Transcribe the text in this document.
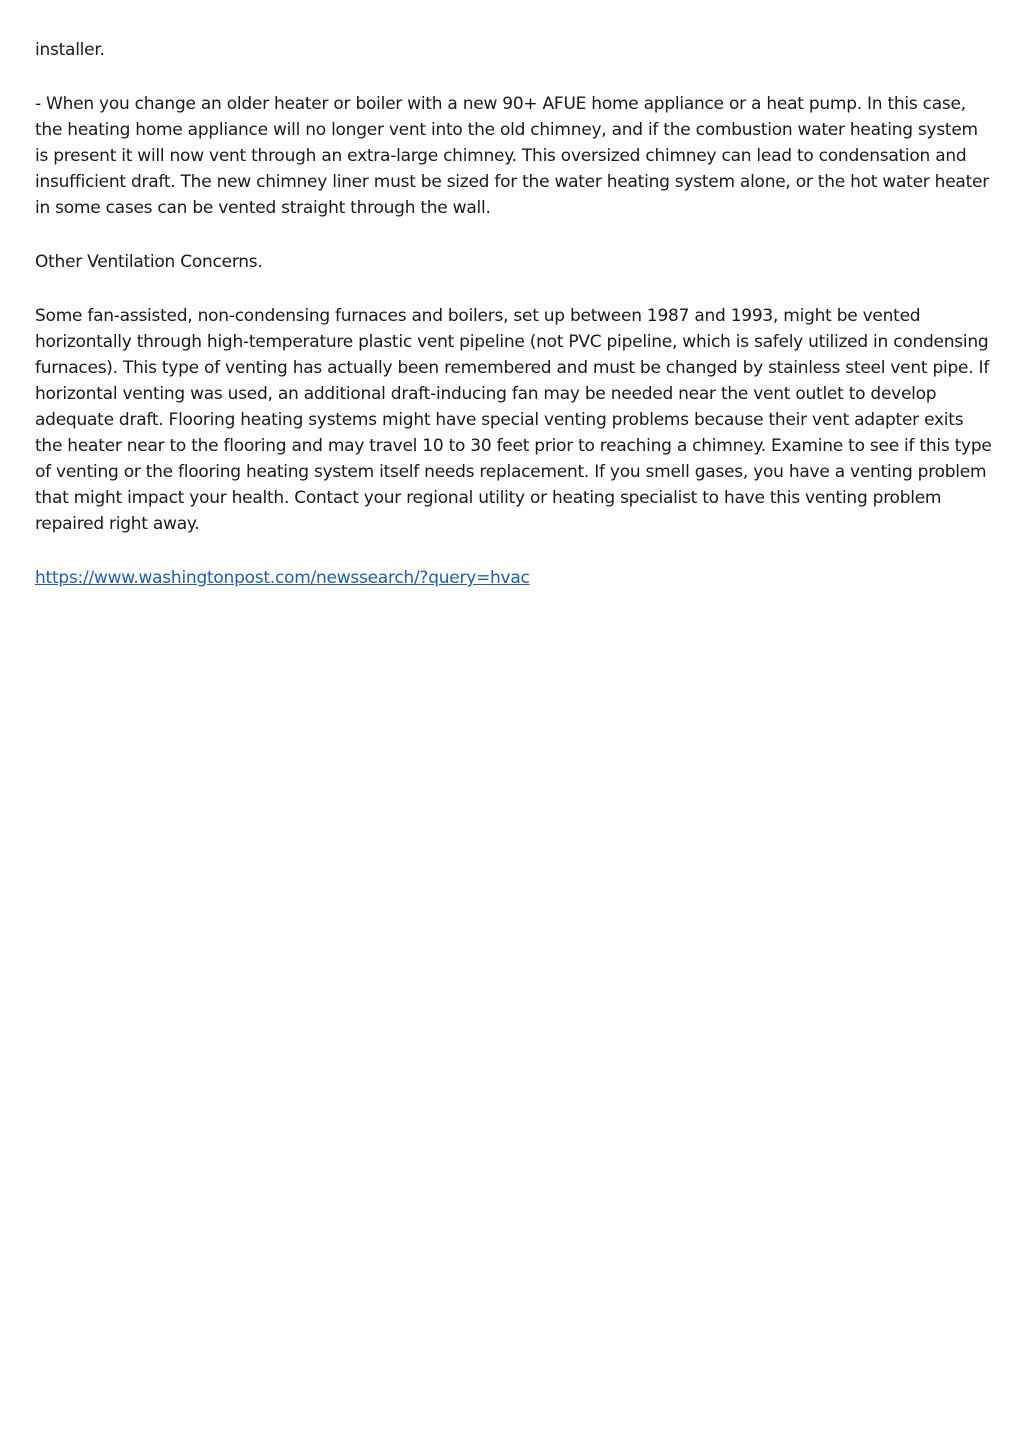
installer.

- When you change an older heater or boiler with a new 90+ AFUE home appliance or a heat pump. In this case, the heating home appliance will no longer vent into the old chimney, and if the combustion water heating system is present it will now vent through an extra-large chimney. This oversized chimney can lead to condensation and insufficient draft. The new chimney liner must be sized for the water heating system alone, or the hot water heater in some cases can be vented straight through the wall.

Other Ventilation Concerns.

Some fan-assisted, non-condensing furnaces and boilers, set up between 1987 and 1993, might be vented horizontally through high-temperature plastic vent pipeline (not PVC pipeline, which is safely utilized in condensing furnaces). This type of venting has actually been remembered and must be changed by stainless steel vent pipe. If horizontal venting was used, an additional draft-inducing fan may be needed near the vent outlet to develop adequate draft. Flooring heating systems might have special venting problems because their vent adapter exits the heater near to the flooring and may travel 10 to 30 feet prior to reaching a chimney. Examine to see if this type of venting or the flooring heating system itself needs replacement. If you smell gases, you have a venting problem that might impact your health. Contact your regional utility or heating specialist to have this venting problem repaired right away.

https://www.washingtonpost.com/newssearch/?query=hvac
